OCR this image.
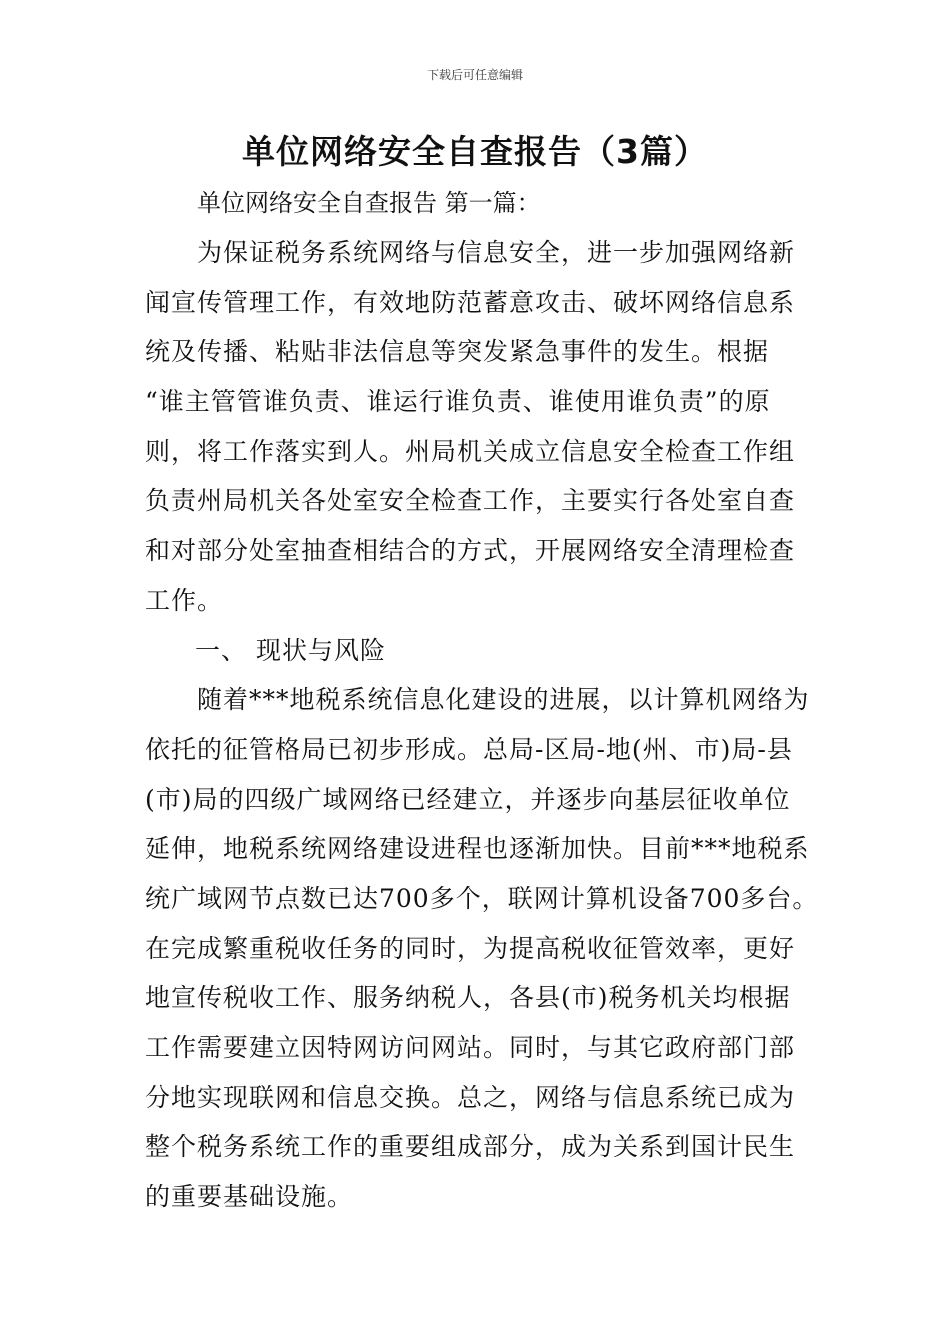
下载后可任意编辑
单位网络安全自查报告（3篇）
单位网络安全自查报告 第一篇：
为保证税务系统网络与信息安全，进一步加强网络新
闻宣传管理工作，有效地防范蓄意攻击、破坏网络信息系
统及传播、粘贴非法信息等突发紧急事件的发生。根据
“谁主管管谁负责、谁运行谁负责、谁使用谁负责”的原
则，将工作落实到人。州局机关成立信息安全检查工作组
负责州局机关各处室安全检查工作，主要实行各处室自查
和对部分处室抽查相结合的方式，开展网络安全清理检查
工作。
一、 现状与风险
随着***地税系统信息化建设的进展，以计算机网络为
依托的征管格局已初步形成。总局-区局-地(州、市)局-县
(市)局的四级广域网络已经建立，并逐步向基层征收单位
延伸，地税系统网络建设进程也逐渐加快。目前***地税系
统广域网节点数已达700多个，联网计算机设备700多台。
在完成繁重税收任务的同时，为提高税收征管效率，更好
地宣传税收工作、服务纳税人，各县(市)税务机关均根据
工作需要建立因特网访问网站。同时，与其它政府部门部
分地实现联网和信息交换。总之，网络与信息系统已成为
整个税务系统工作的重要组成部分，成为关系到国计民生
的重要基础设施。
